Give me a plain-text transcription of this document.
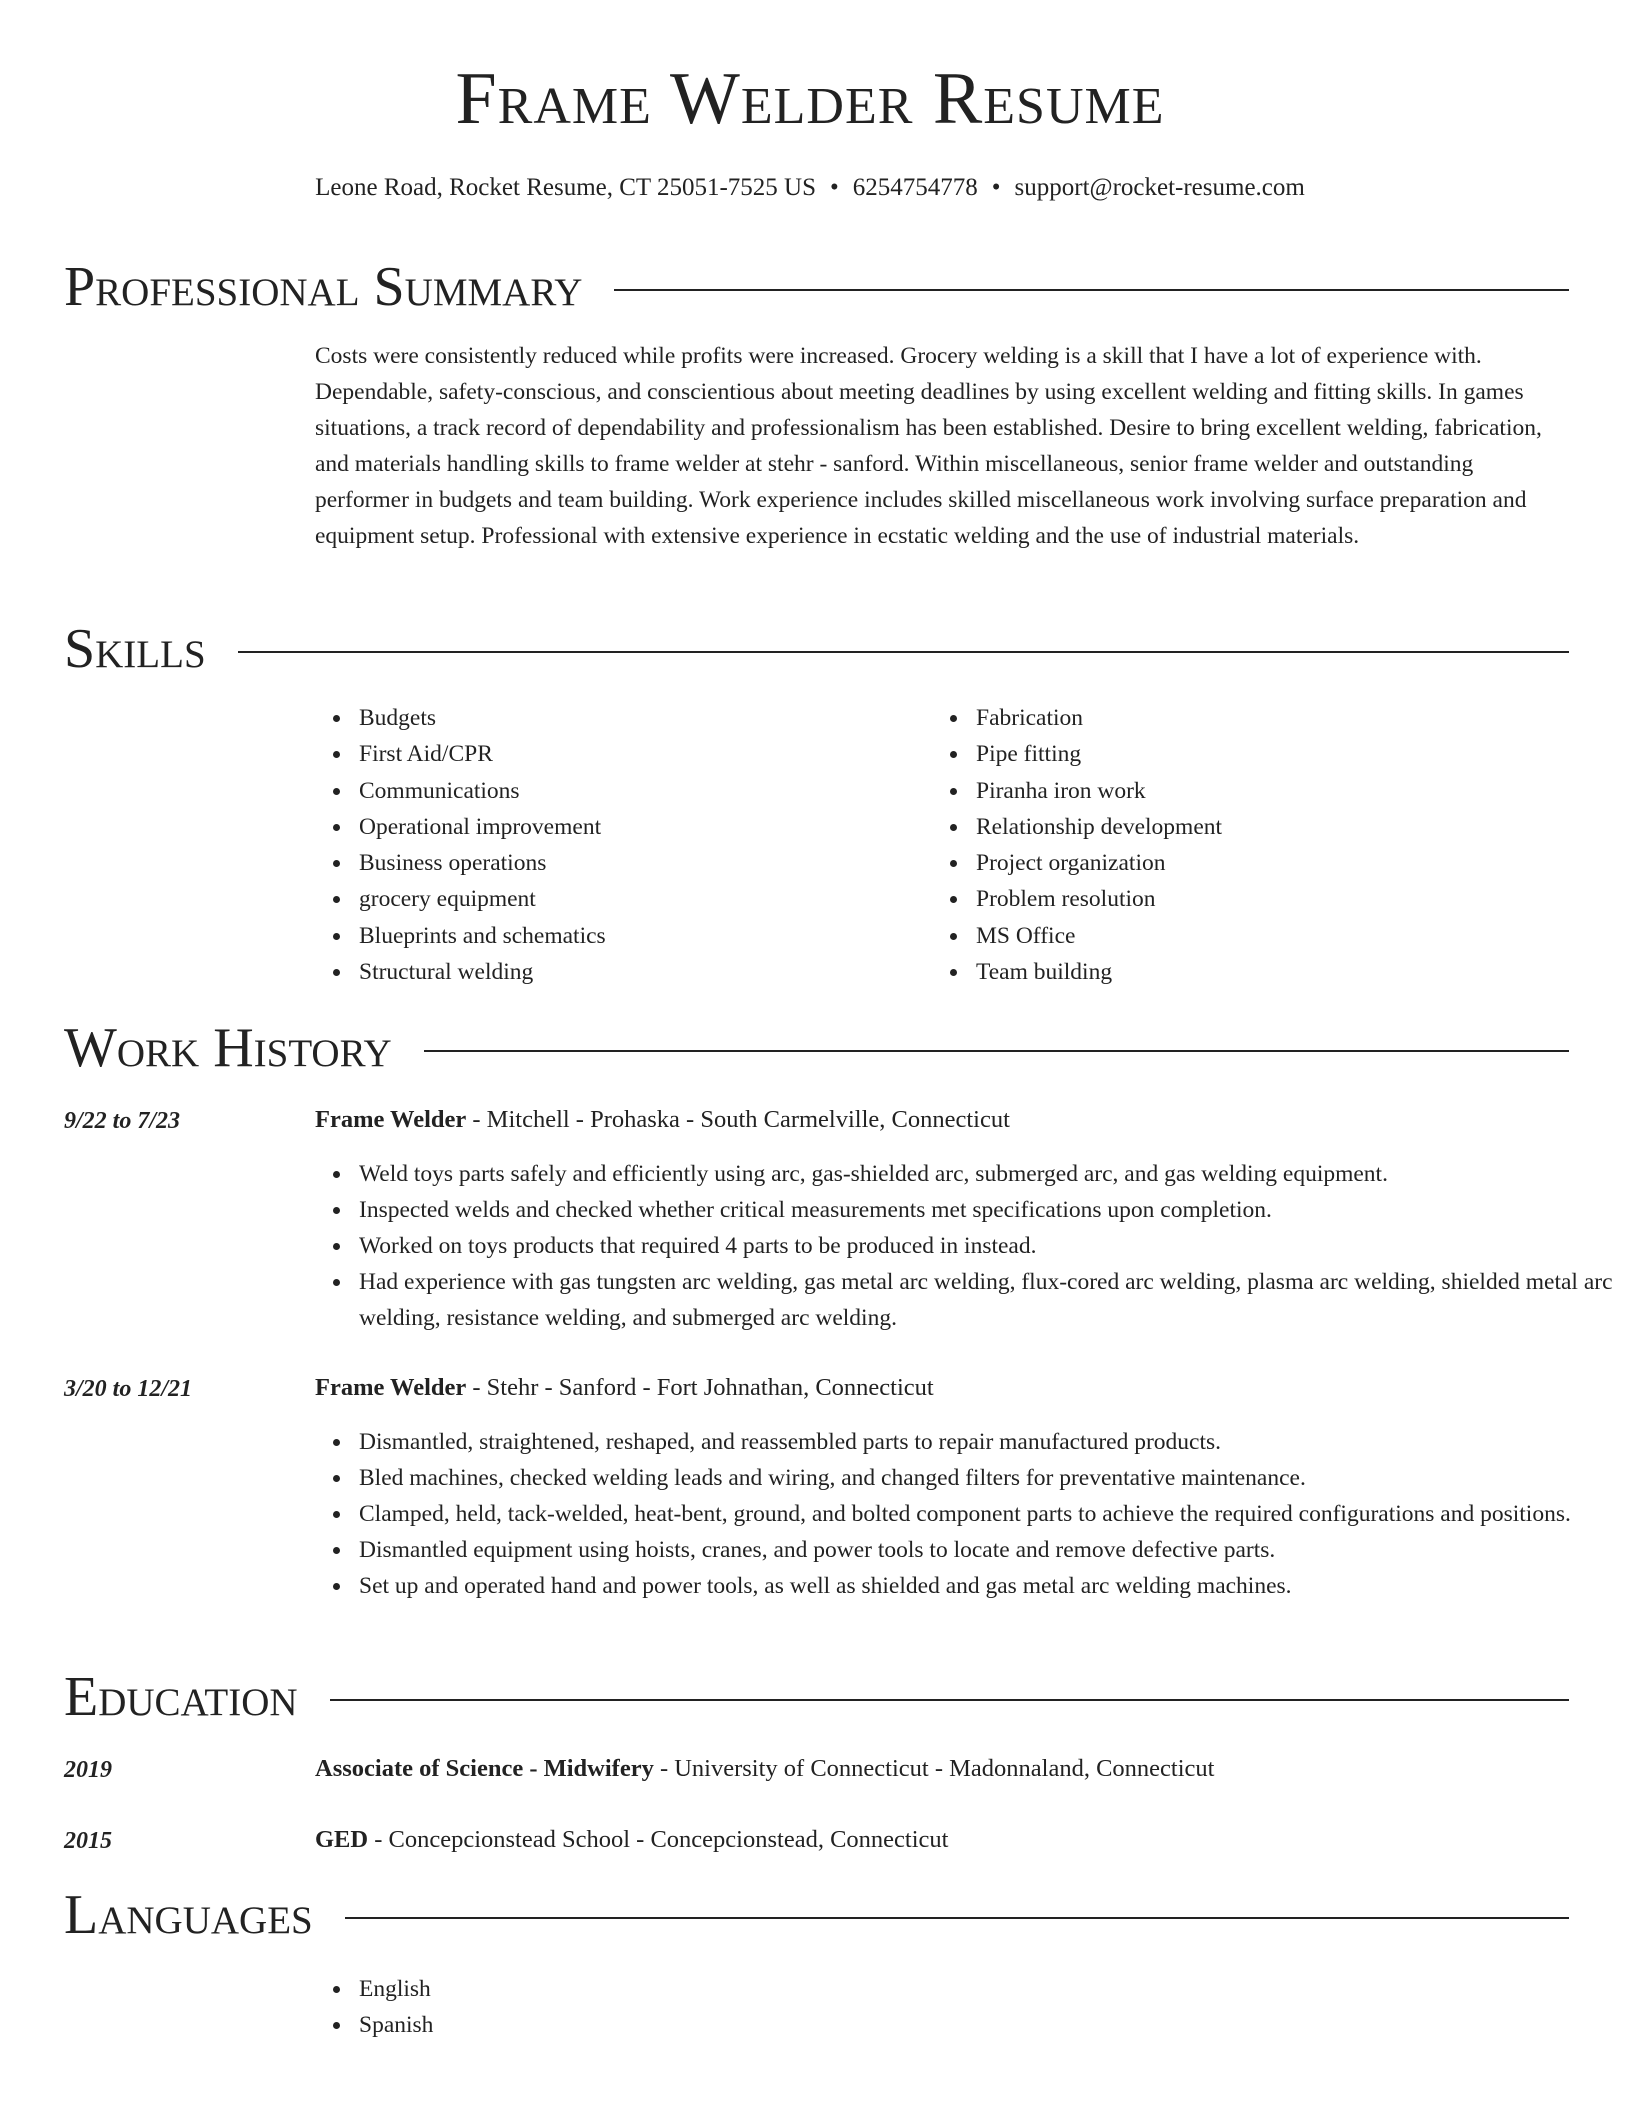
Frame Welder Resume
Leone Road, Rocket Resume, CT 25051-7525 US • 6254754778 • support@rocket-resume.com
Professional Summary
Costs were consistently reduced while profits were increased. Grocery welding is a skill that I have a lot of experience with. Dependable, safety-conscious, and conscientious about meeting deadlines by using excellent welding and fitting skills. In games situations, a track record of dependability and professionalism has been established. Desire to bring excellent welding, fabrication, and materials handling skills to frame welder at stehr - sanford. Within miscellaneous, senior frame welder and outstanding performer in budgets and team building. Work experience includes skilled miscellaneous work involving surface preparation and equipment setup. Professional with extensive experience in ecstatic welding and the use of industrial materials.
Skills
Budgets
First Aid/CPR
Communications
Operational improvement
Business operations
grocery equipment
Blueprints and schematics
Structural welding
Fabrication
Pipe fitting
Piranha iron work
Relationship development
Project organization
Problem resolution
MS Office
Team building
Work History
9/22 to 7/23	Frame Welder - Mitchell - Prohaska - South Carmelville, Connecticut
Weld toys parts safely and efficiently using arc, gas-shielded arc, submerged arc, and gas welding equipment.
Inspected welds and checked whether critical measurements met specifications upon completion.
Worked on toys products that required 4 parts to be produced in instead.
Had experience with gas tungsten arc welding, gas metal arc welding, flux-cored arc welding, plasma arc welding, shielded metal arc welding, resistance welding, and submerged arc welding.
3/20 to 12/21	Frame Welder - Stehr - Sanford - Fort Johnathan, Connecticut
Dismantled, straightened, reshaped, and reassembled parts to repair manufactured products.
Bled machines, checked welding leads and wiring, and changed filters for preventative maintenance.
Clamped, held, tack-welded, heat-bent, ground, and bolted component parts to achieve the required configurations and positions.
Dismantled equipment using hoists, cranes, and power tools to locate and remove defective parts.
Set up and operated hand and power tools, as well as shielded and gas metal arc welding machines.
Education
2019	Associate of Science - Midwifery - University of Connecticut - Madonnaland, Connecticut
2015	GED - Concepcionstead School - Concepcionstead, Connecticut
Languages
English
Spanish
